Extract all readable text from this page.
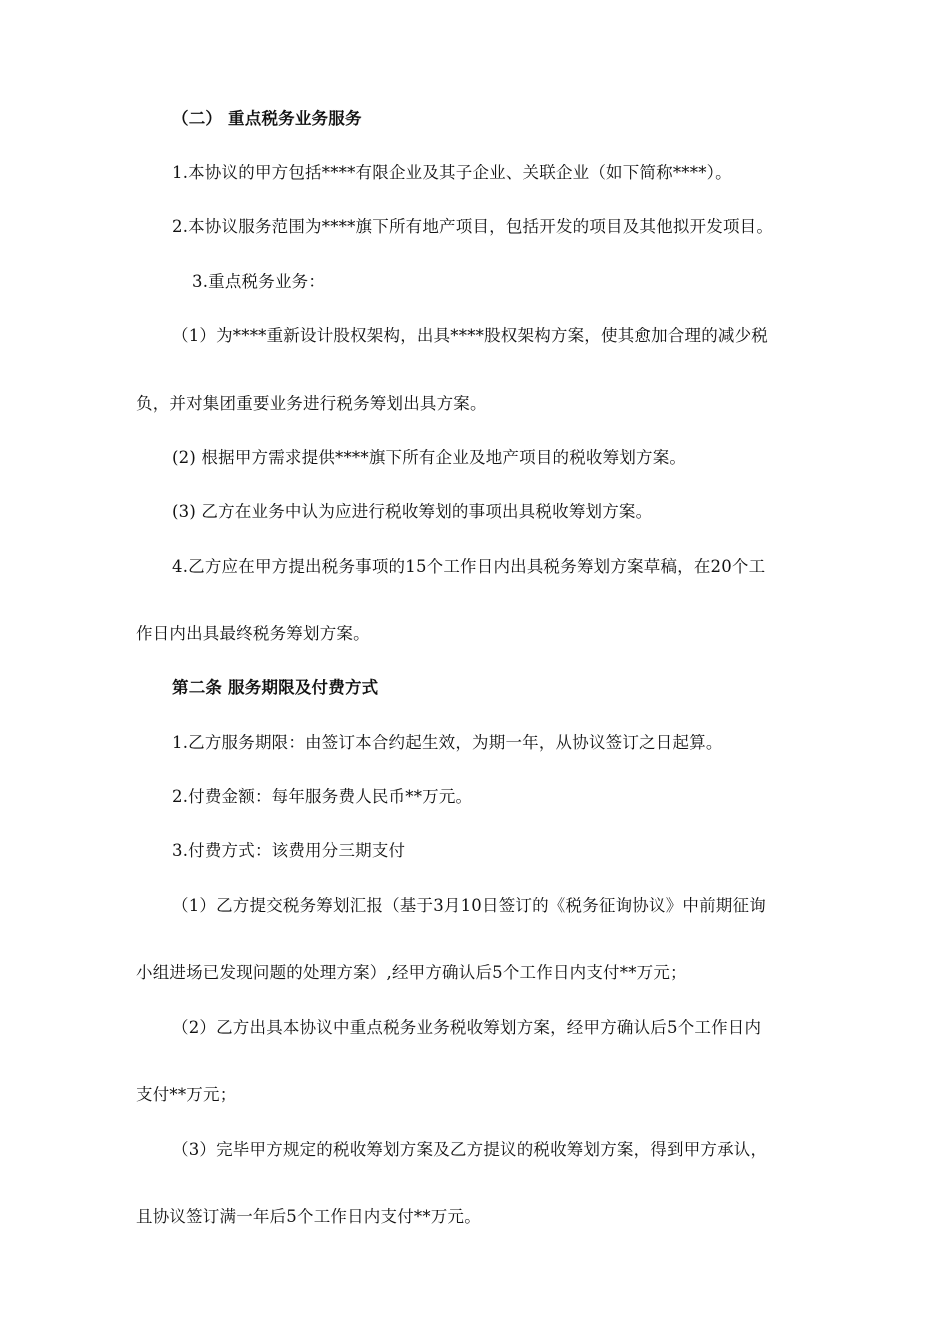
（二） 重点税务业务服务
1.本协议的甲方包括****有限企业及其子企业、关联企业（如下简称****）。
2.本协议服务范围为****旗下所有地产项目，包括开发的项目及其他拟开发项目。
3.重点税务业务：
（1）为****重新设计股权架构，出具****股权架构方案，使其愈加合理的减少税
负，并对集团重要业务进行税务筹划出具方案。
(2) 根据甲方需求提供****旗下所有企业及地产项目的税收筹划方案。
(3) 乙方在业务中认为应进行税收筹划的事项出具税收筹划方案。
4.乙方应在甲方提出税务事项的15个工作日内出具税务筹划方案草稿，在20个工
作日内出具最终税务筹划方案。
第二条 服务期限及付费方式
1.乙方服务期限：由签订本合约起生效，为期一年，从协议签订之日起算。
2.付费金额：每年服务费人民币**万元。
3.付费方式：该费用分三期支付
（1）乙方提交税务筹划汇报（基于3月10日签订的《税务征询协议》中前期征询
小组进场已发现问题的处理方案）,经甲方确认后5个工作日内支付**万元；
（2）乙方出具本协议中重点税务业务税收筹划方案，经甲方确认后5个工作日内
支付**万元；
（3）完毕甲方规定的税收筹划方案及乙方提议的税收筹划方案，得到甲方承认，
且协议签订满一年后5个工作日内支付**万元。
